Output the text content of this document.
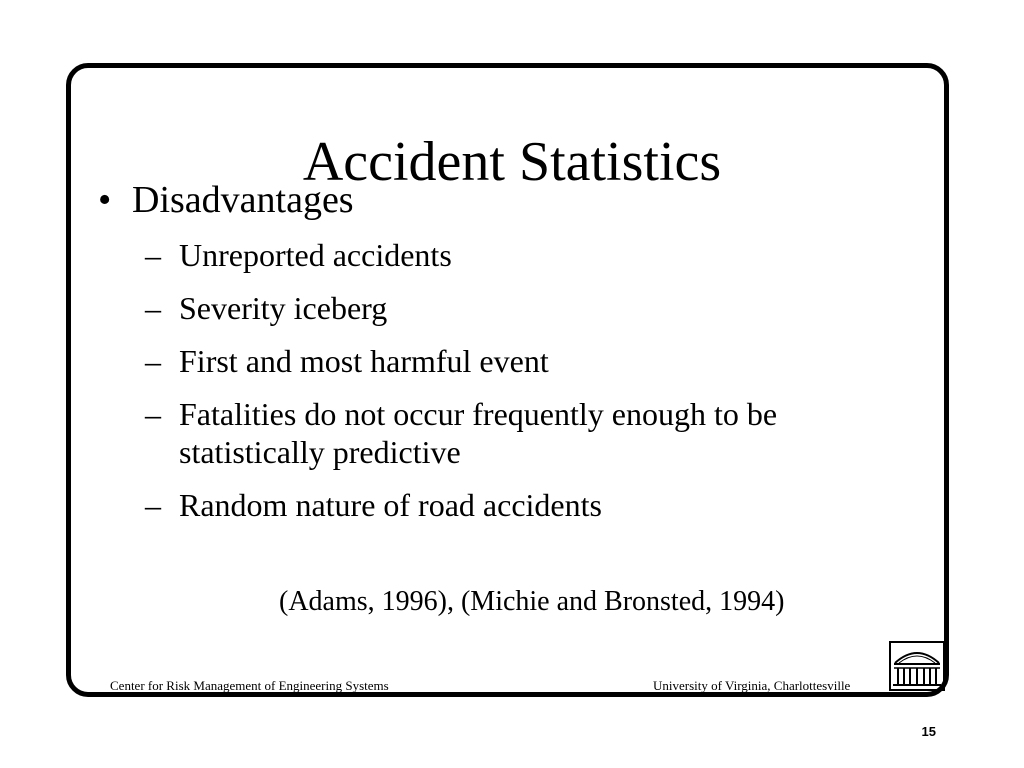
Accident Statistics
• Disadvantages
– Unreported accidents
– Severity iceberg
– First and most harmful event
– Fatalities do not occur frequently enough to be statistically predictive
– Random nature of road accidents
(Adams, 1996), (Michie and Bronsted, 1994)
Center for Risk Management of Engineering Systems	University of Virginia, Charlottesville
15
